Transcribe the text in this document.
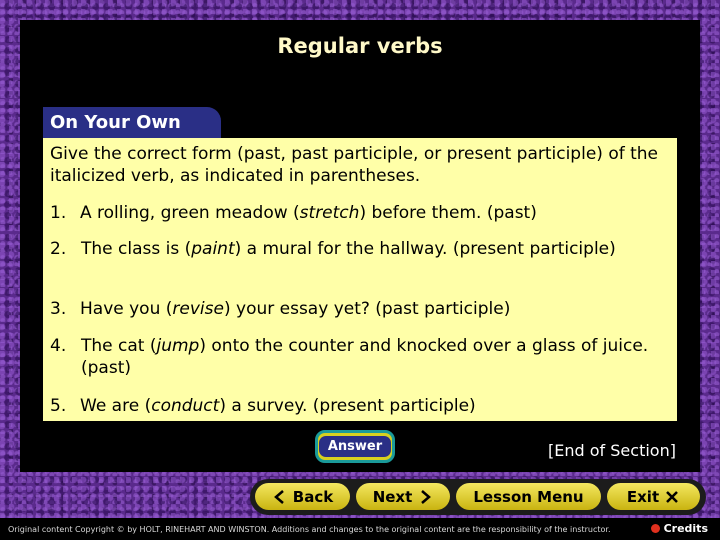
Regular verbs
On Your Own
Give the correct form (past, past participle, or present participle) of the italicized verb, as indicated in parentheses.
1. A rolling, green meadow (stretch) before them. (past)
2. The class is (paint) a mural for the hallway. (present participle)
3. Have you (revise) your essay yet? (past participle)
4. The cat (jump) onto the counter and knocked over a glass of juice. (past)
5. We are (conduct) a survey. (present participle)
Answer	[End of Section]
Back	Next	Lesson Menu	Exit
Original content Copyright © by HOLT, RINEHART AND WINSTON. Additions and changes to the original content are the responsibility of the instructor.	Credits
